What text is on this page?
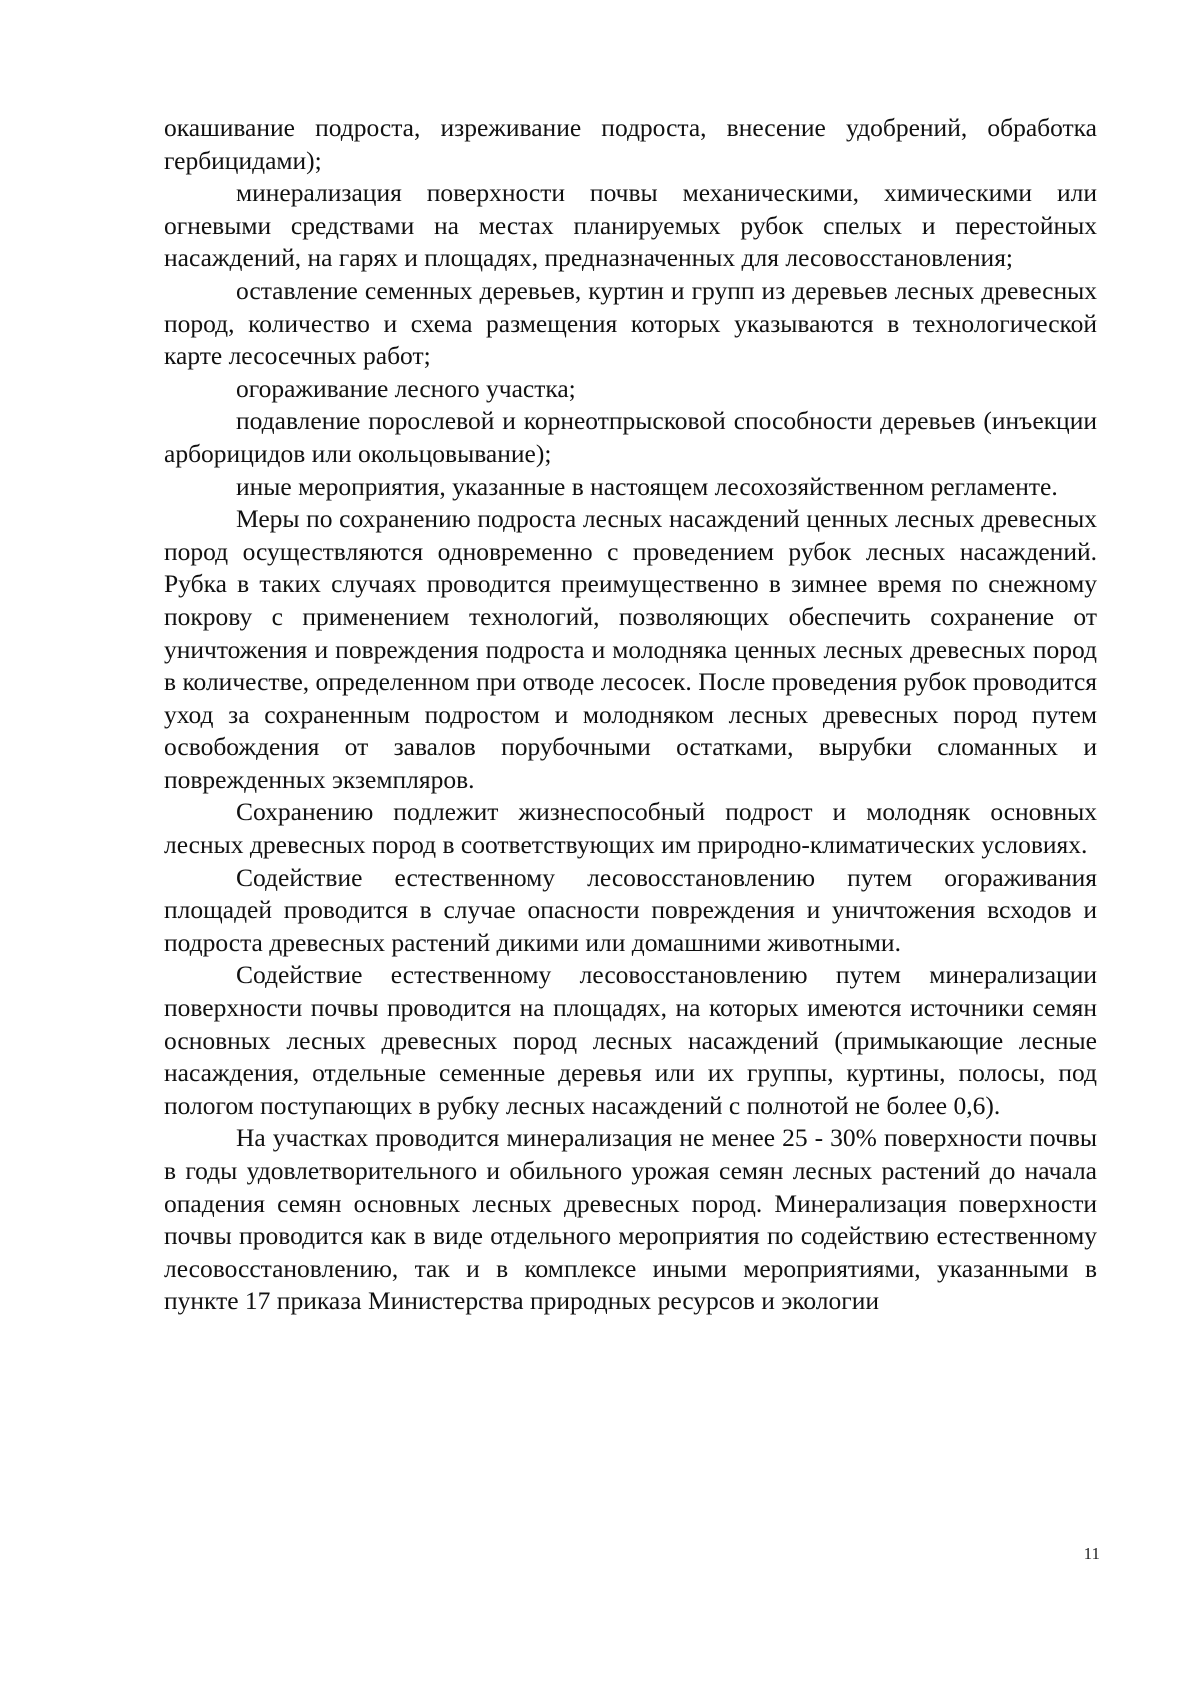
окашивание подроста, изреживание подроста, внесение удобрений, обработка гербицидами);

минерализация поверхности почвы механическими, химическими или огневыми средствами на местах планируемых рубок спелых и перестойных насаждений, на гарях и площадях, предназначенных для лесовосстановления;

оставление семенных деревьев, куртин и групп из деревьев лесных древесных пород, количество и схема размещения которых указываются в технологической карте лесосечных работ;

огораживание лесного участка;

подавление порослевой и корнеотпрысковой способности деревьев (инъекции арборицидов или окольцовывание);

иные мероприятия, указанные в настоящем лесохозяйственном регламенте.

Меры по сохранению подроста лесных насаждений ценных лесных древесных пород осуществляются одновременно с проведением рубок лесных насаждений. Рубка в таких случаях проводится преимущественно в зимнее время по снежному покрову с применением технологий, позволяющих обеспечить сохранение от уничтожения и повреждения подроста и молодняка ценных лесных древесных пород в количестве, определенном при отводе лесосек. После проведения рубок проводится уход за сохраненным подростом и молодняком лесных древесных пород путем освобождения от завалов порубочными остатками, вырубки сломанных и поврежденных экземпляров.

Сохранению подлежит жизнеспособный подрост и молодняк основных лесных древесных пород в соответствующих им природно-климатических условиях.

Содействие естественному лесовосстановлению путем огораживания площадей проводится в случае опасности повреждения и уничтожения всходов и подроста древесных растений дикими или домашними животными.

Содействие естественному лесовосстановлению путем минерализации поверхности почвы проводится на площадях, на которых имеются источники семян основных лесных древесных пород лесных насаждений (примыкающие лесные насаждения, отдельные семенные деревья или их группы, куртины, полосы, под пологом поступающих в рубку лесных насаждений с полнотой не более 0,6).

На участках проводится минерализация не менее 25 - 30% поверхности почвы в годы удовлетворительного и обильного урожая семян лесных растений до начала опадения семян основных лесных древесных пород. Минерализация поверхности почвы проводится как в виде отдельного мероприятия по содействию естественному лесовосстановлению, так и в комплексе иными мероприятиями, указанными в пункте 17 приказа Министерства природных ресурсов и экологии

11
